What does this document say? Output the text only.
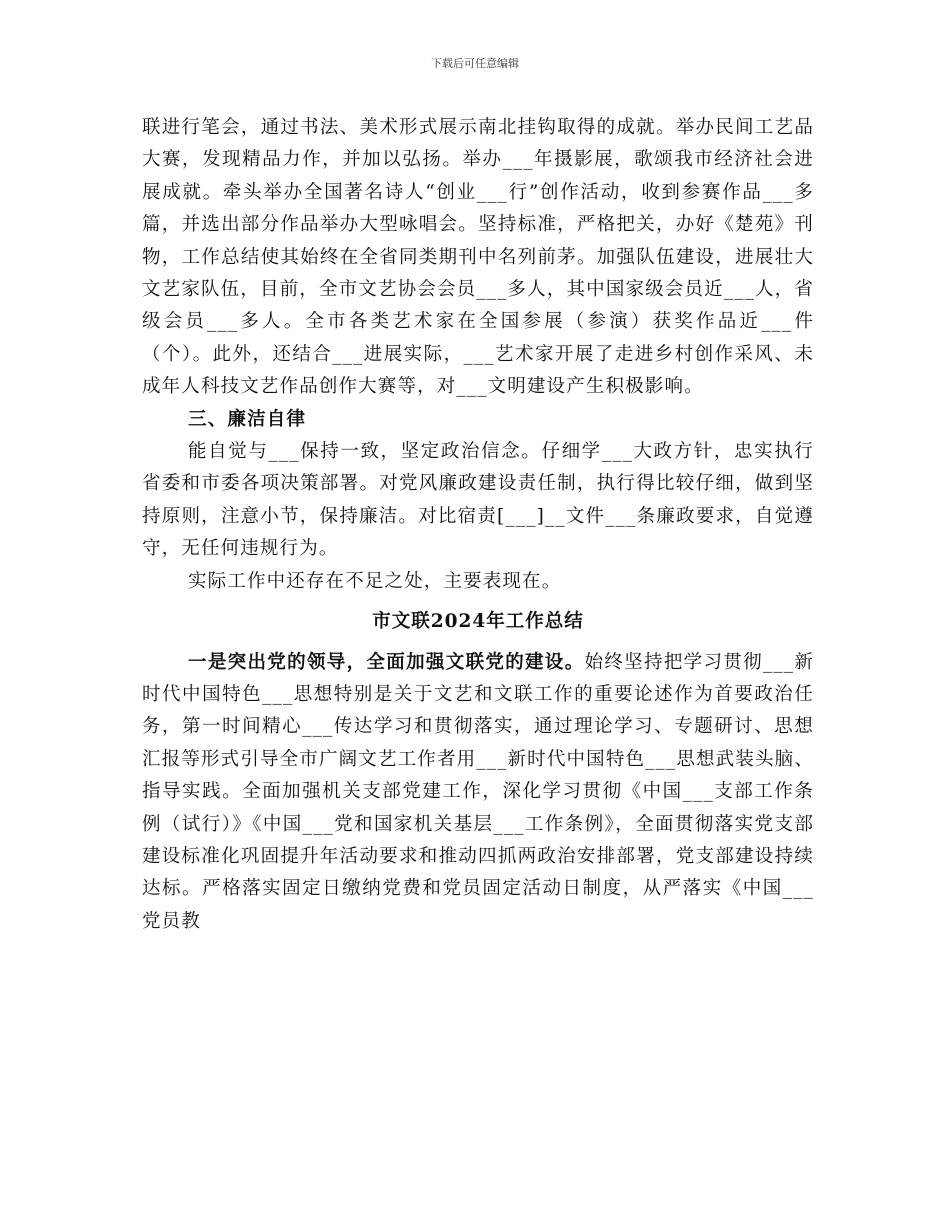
下载后可任意编辑

联进行笔会，通过书法、美术形式展示南北挂钩取得的成就。举办民间工艺品大赛，发现精品力作，并加以弘扬。举办___年摄影展，歌颂我市经济社会进展成就。牵头举办全国著名诗人“创业___行”创作活动，收到参赛作品___多篇，并选出部分作品举办大型咏唱会。坚持标准，严格把关，办好《楚苑》刊物，工作总结使其始终在全省同类期刊中名列前茅。加强队伍建设，进展壮大文艺家队伍，目前，全市文艺协会会员___多人，其中国家级会员近___人，省级会员___多人。全市各类艺术家在全国参展（参演）获奖作品近___件（个）。此外，还结合___进展实际，___艺术家开展了走进乡村创作采风、未成年人科技文艺作品创作大赛等，对___文明建设产生积极影响。

三、廉洁自律

能自觉与___保持一致，坚定政治信念。仔细学___大政方针，忠实执行省委和市委各项决策部署。对党风廉政建设责任制，执行得比较仔细，做到坚持原则，注意小节，保持廉洁。对比宿责[___]__文件___条廉政要求，自觉遵守，无任何违规行为。

实际工作中还存在不足之处，主要表现在。

市文联2024年工作总结

一是突出党的领导，全面加强文联党的建设。始终坚持把学习贯彻___新时代中国特色___思想特别是关于文艺和文联工作的重要论述作为首要政治任务，第一时间精心___传达学习和贯彻落实，通过理论学习、专题研讨、思想汇报等形式引导全市广阔文艺工作者用___新时代中国特色___思想武装头脑、指导实践。全面加强机关支部党建工作，深化学习贯彻《中国___支部工作条例（试行）》《中国___党和国家机关基层___工作条例》，全面贯彻落实党支部建设标准化巩固提升年活动要求和推动四抓两政治安排部署，党支部建设持续达标。严格落实固定日缴纳党费和党员固定活动日制度，从严落实《中国___党员教
